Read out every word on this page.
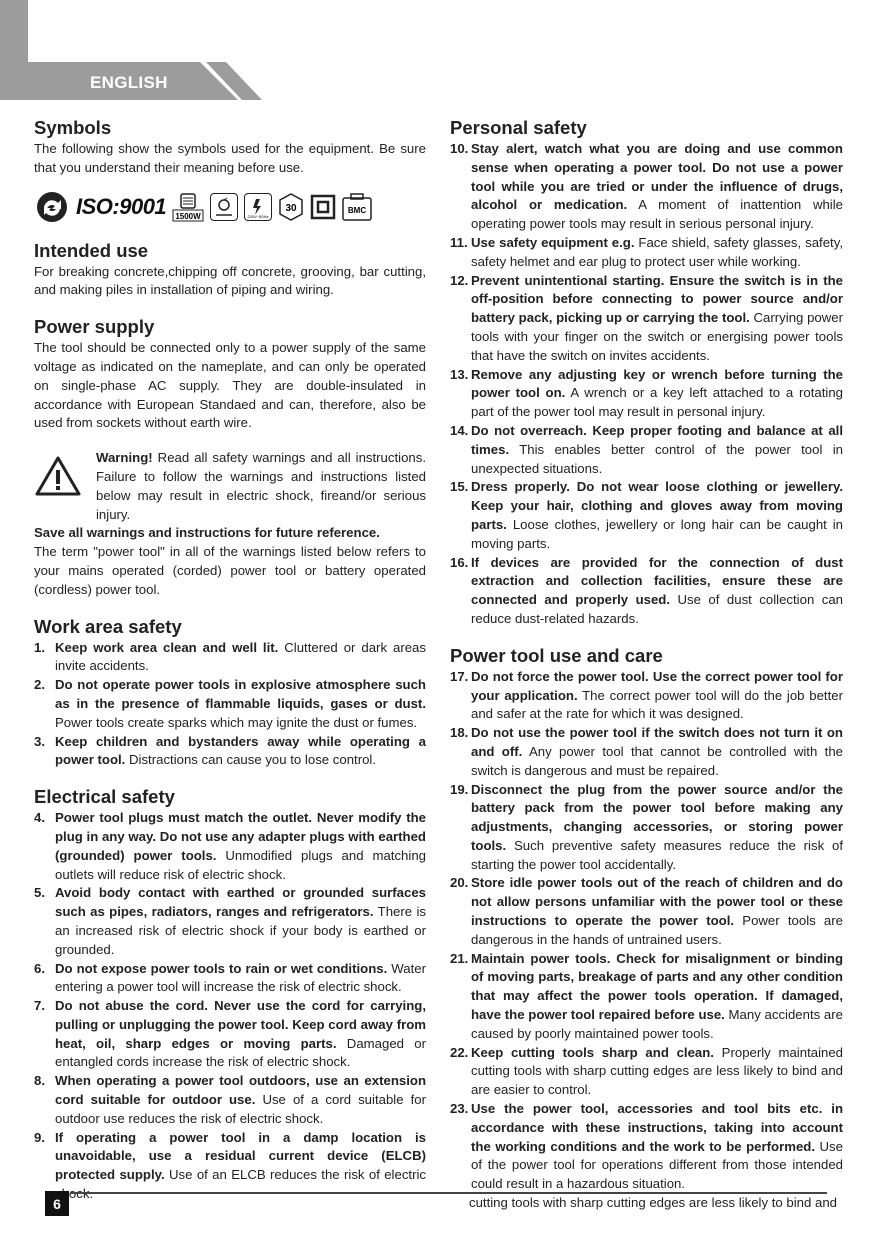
ENGLISH
Symbols

The following show the symbols used for the equipment. Be sure that you understand their meaning before use.

ISO:9001 1500W	220V~50Hz
30	BMC
Intended use

For breaking concrete,chipping off concrete, grooving, bar cutting, and making piles in installation of piping and wiring.

Power supply

The tool should be connected only to a power supply of the same voltage as indicated on the nameplate, and can only be operated on single-phase AC supply. They are double-insulated in accordance with European Standaed and can, therefore, also be used from sockets without earth wire.

Warning! Read all safety warnings and all instructions. Failure to follow the warnings and instructions listed below may result in electric shock, fireand/or serious injury.

Save all warnings and instructions for future reference.

The term "power tool" in all of the warnings listed below refers to your mains operated (corded) power tool or battery operated (cordless) power tool.

Work area safety
1. Keep work area clean and well lit. Cluttered or dark areas invite accidents.
2. Do not operate power tools in explosive atmosphere such as in the presence of flammable liquids, gases or dust. Power tools create sparks which may ignite the dust or fumes.
3. Keep children and bystanders away while operating a power tool. Distractions can cause you to lose control.
Electrical safety
4. Power tool plugs must match the outlet. Never modify the plug in any way. Do not use any adapter plugs with earthed (grounded) power tools. Unmodified plugs and matching outlets will reduce risk of electric shock.
5. Avoid body contact with earthed or grounded surfaces such as pipes, radiators, ranges and refrigerators. There is an increased risk of electric shock if your body is earthed or grounded.
6. Do not expose power tools to rain or wet conditions. Water entering a power tool will increase the risk of electric shock.
7. Do not abuse the cord. Never use the cord for carrying, pulling or unplugging the power tool. Keep cord away from heat, oil, sharp edges or moving parts. Damaged or entangled cords increase the risk of electric shock.
8. When operating a power tool outdoors, use an extension cord suitable for outdoor use. Use of a cord suitable for outdoor use reduces the risk of electric shock.
9. If operating a power tool in a damp location is unavoidable, use a residual current device (ELCB) protected supply. Use of an ELCB reduces the risk of electric
Personal safety
10. Stay alert, watch what you are doing and use common sense when operating a power tool. Do not use a power tool while you are tried or under the influence of drugs, alcohol or medication. A moment of inattention while operating power tools may result in serious personal injury.
11. Use safety equipment e.g. Face shield, safety glasses, safety, safety helmet and ear plug to protect user while working.
12. Prevent unintentional starting. Ensure the switch is in the off-position before connecting to power source and/or battery pack, picking up or carrying the tool. Carrying power tools with your finger on the switch or energising power tools that have the switch on invites accidents.
13. Remove any adjusting key or wrench before turning the power tool on. A wrench or a key left attached to a rotating part of the power tool may result in personal injury.
14. Do not overreach. Keep proper footing and balance at all times. This enables better control of the power tool in unexpected situations.
15. Dress properly. Do not wear loose clothing or jewellery. Keep your hair, clothing and gloves away from moving parts. Loose clothes, jewellery or long hair can be caught in moving parts.
16. If devices are provided for the connection of dust extraction and collection facilities, ensure these are connected and properly used. Use of dust collection can reduce dust-related hazards.
Power tool use and care
17. Do not force the power tool. Use the correct power tool for your application. The correct power tool will do the job better and safer at the rate for which it was designed.
18. Do not use the power tool if the switch does not turn it on and off. Any power tool that cannot be controlled with the switch is dangerous and must be repaired.
19. Disconnect the plug from the power source and/or the battery pack from the power tool before making any adjustments, changing accessories, or storing power tools. Such preventive safety measures reduce the risk of starting the power tool accidentally.
20. Store idle power tools out of the reach of children and do not allow persons unfamiliar with the power tool or these instructions to operate the power tool. Power tools are dangerous in the hands of untrained users.
21. Maintain power tools. Check for misalignment or binding of moving parts, breakage of parts and any other condition that may affect the power tools operation. If damaged, have the power tool repaired before use. Many accidents are caused by poorly maintained power tools.
22. Keep cutting tools sharp and clean. Properly maintained cutting tools with sharp cutting edges are less likely to bind and are easier to control.
23. Use the power tool, accessories and tool bits etc. in accordance with these instructions, taking into account the working conditions and the work to be performed. Use of the power tool for operations different from those intended could result in a hazardous situation.

cutting tools with sharp cutting edges are less likely to bind and

6
